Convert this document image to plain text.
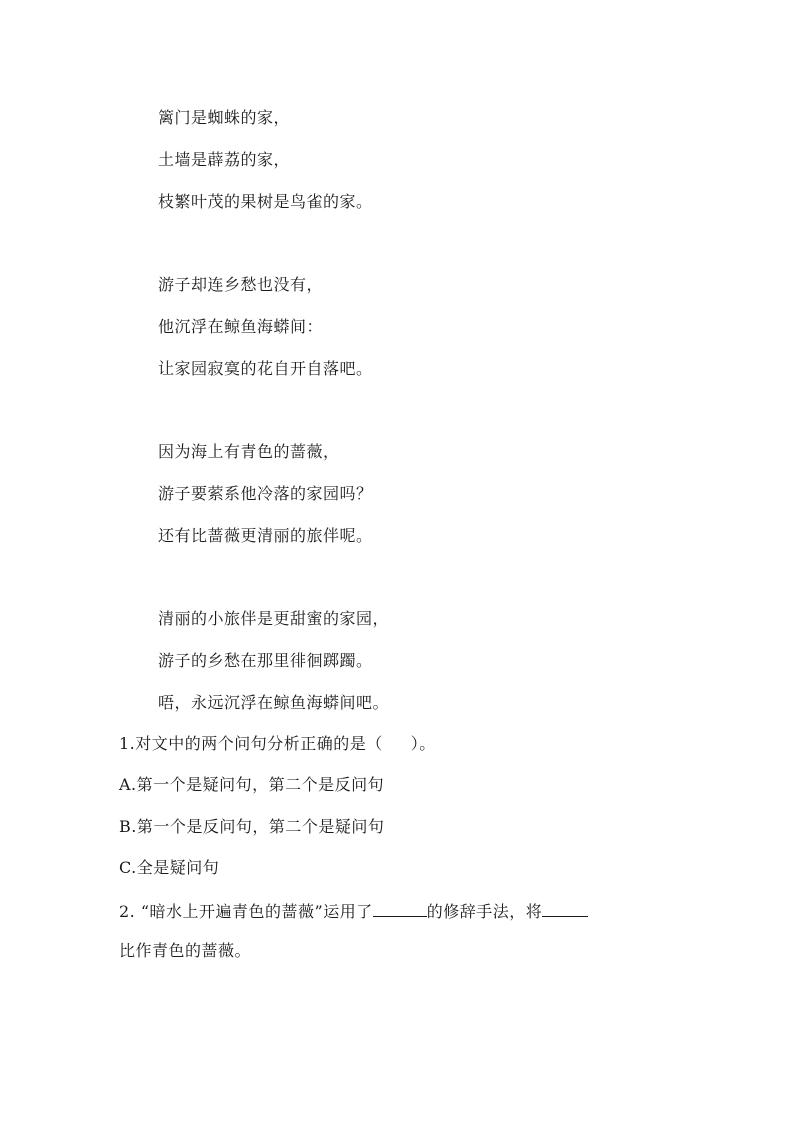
篱门是蜘蛛的家，
土墙是薜荔的家，
枝繁叶茂的果树是鸟雀的家。
游子却连乡愁也没有，
他沉浮在鲸鱼海蟒间：
让家园寂寞的花自开自落吧。
因为海上有青色的蔷薇，
游子要萦系他冷落的家园吗？
还有比蔷薇更清丽的旅伴呢。
清丽的小旅伴是更甜蜜的家园，
游子的乡愁在那里徘徊踯躅。
唔，永远沉浮在鲸鱼海蟒间吧。
1.对文中的两个问句分析正确的是（ ）。
A.第一个是疑问句，第二个是反问句
B.第一个是反问句，第二个是疑问句
C.全是疑问句
2. “暗水上开遍青色的蔷薇”运用了	的修辞手法，将
比作青色的蔷薇。
